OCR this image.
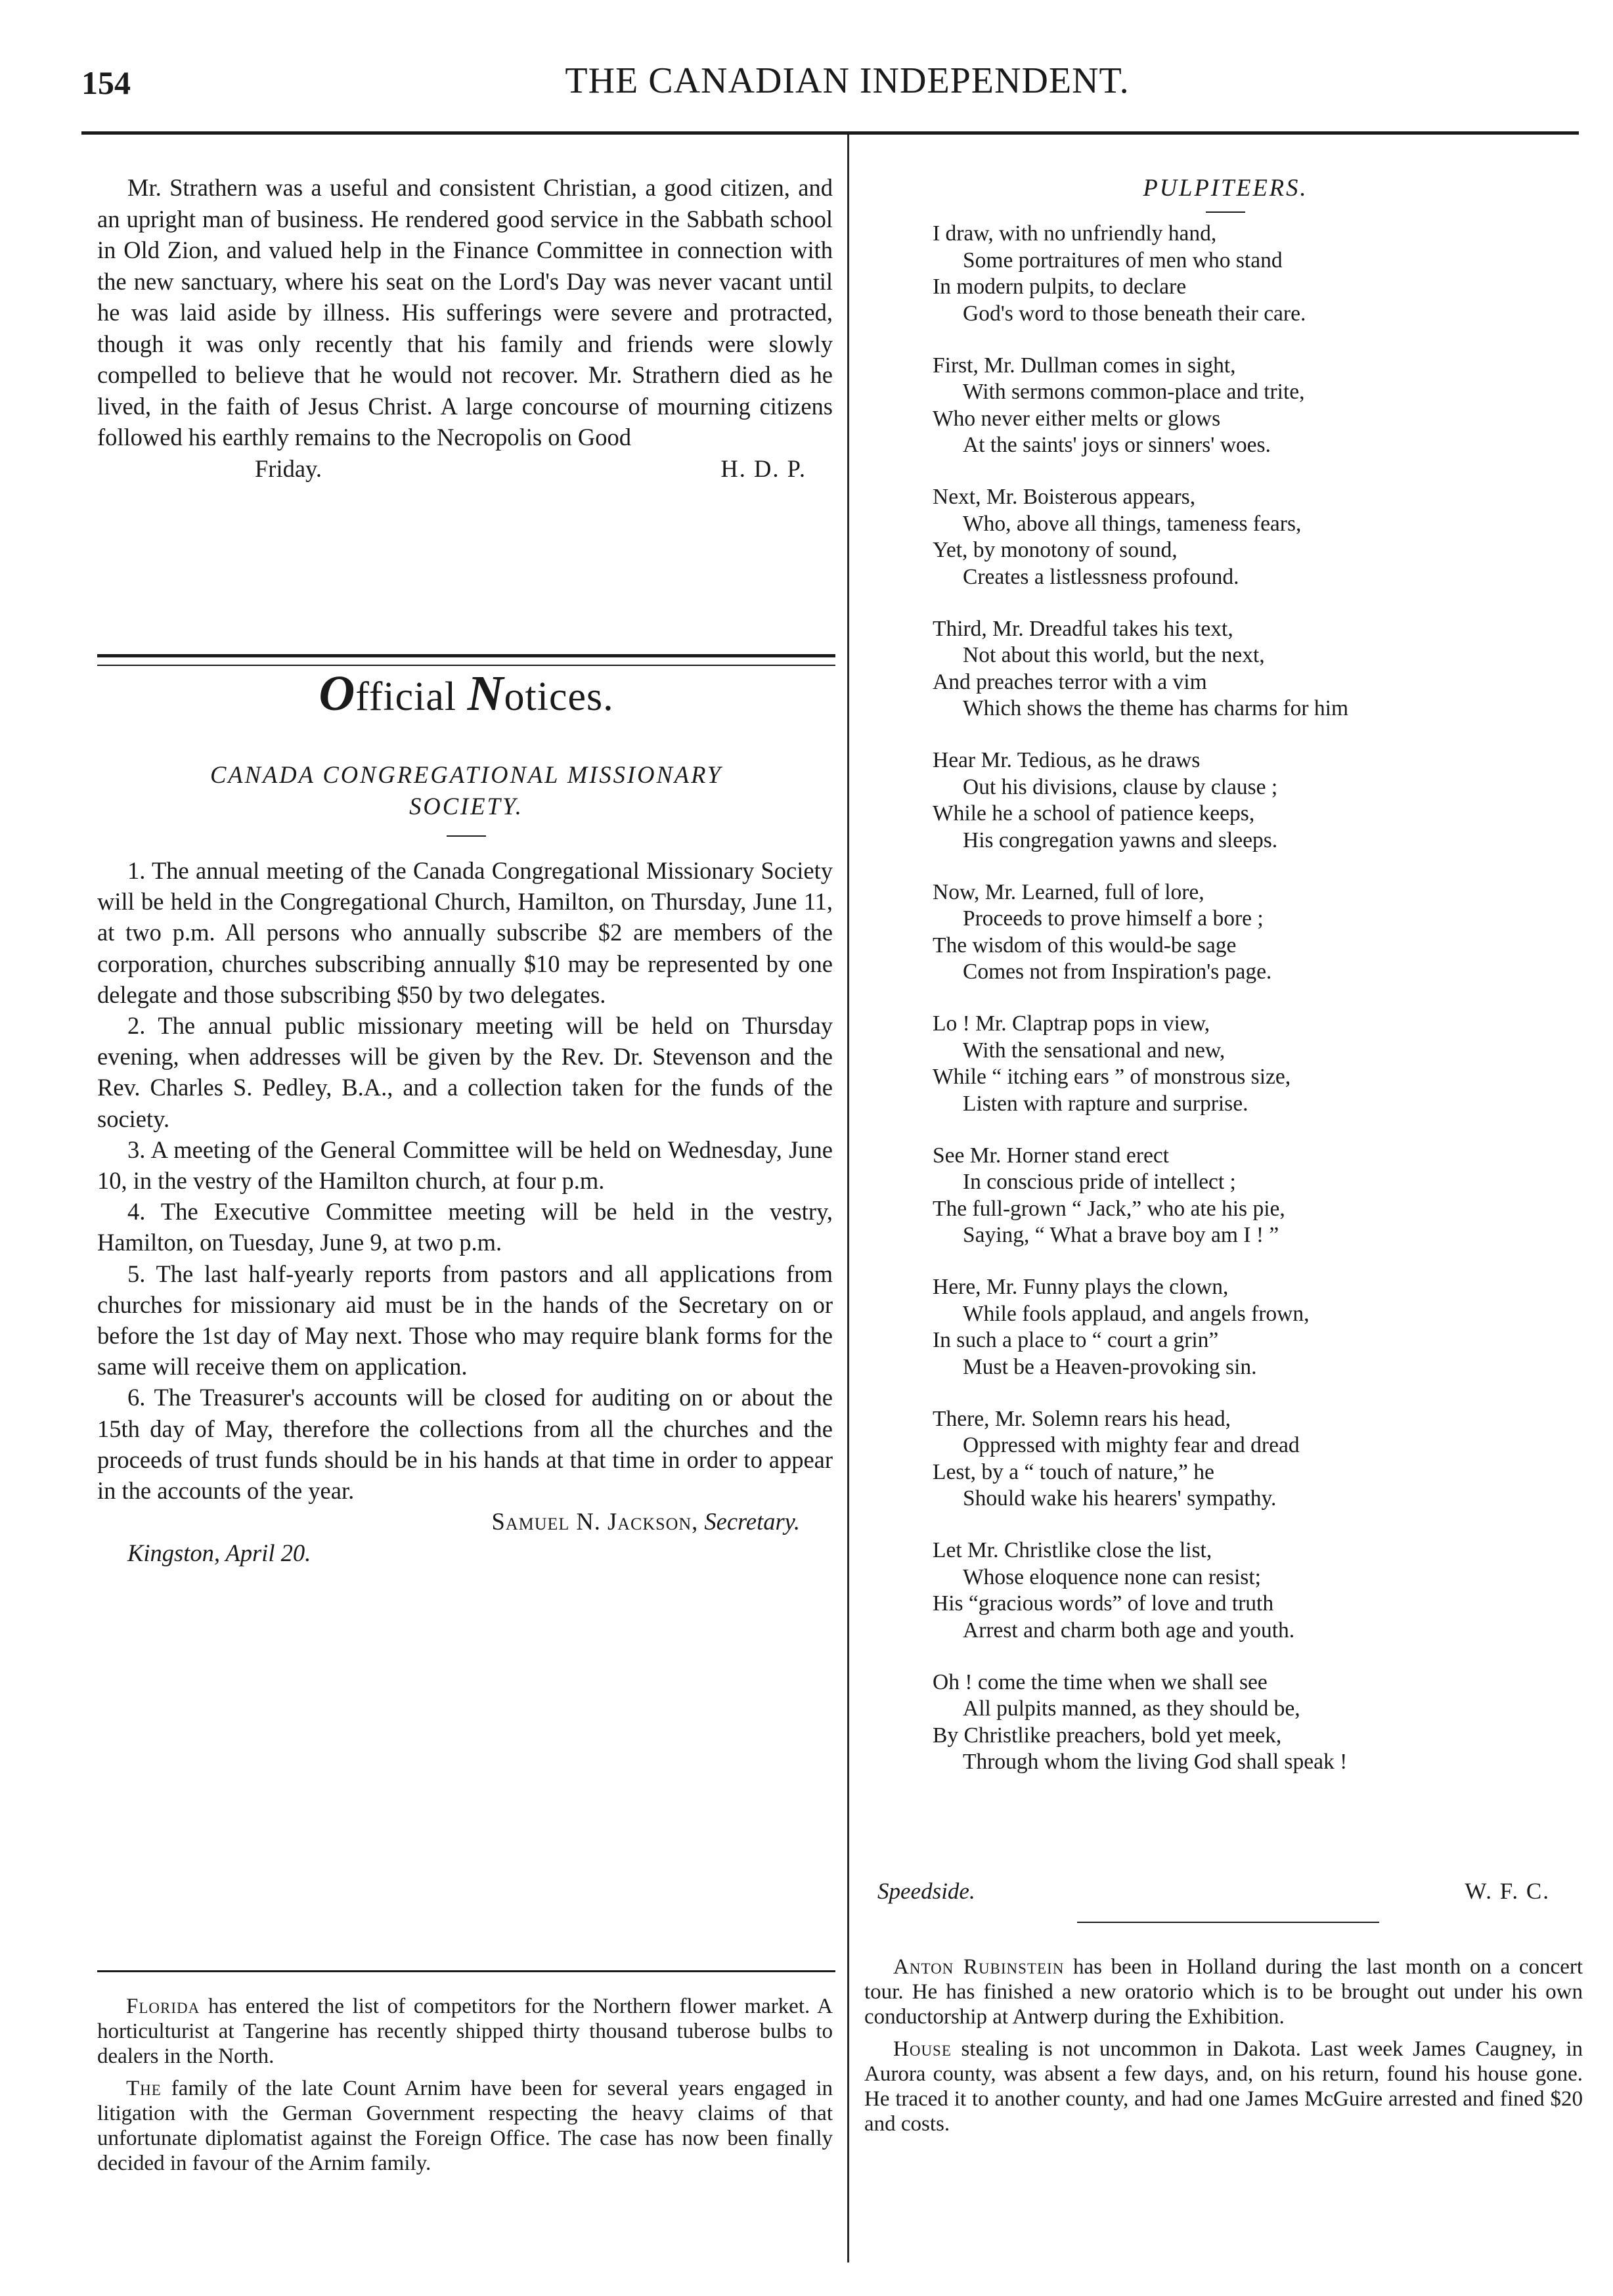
154	THE CANADIAN INDEPENDENT.

Mr. Strathern was a useful and consistent Christian, a good citizen, and an upright man of business. He rendered good service in the Sabbath school in Old Zion, and valued help in the Finance Committee in connection with the new sanctuary, where his seat on the Lord's Day was never vacant until he was laid aside by illness. His sufferings were severe and protracted, though it was only recently that his family and friends were slowly compelled to believe that he would not recover. Mr. Strathern died as he lived, in the faith of Jesus Christ. A large concourse of mourning citizens followed his earthly remains to the Necropolis on Good

Friday.	H. D. P.

Official Notices.
CANADA CONGREGATIONAL MISSIONARY
SOCIETY.

1. The annual meeting of the Canada Congregational Missionary Society will be held in the Congregational Church, Hamilton, on Thursday, June 11, at two p.m. All persons who annually subscribe $2 are members of the corporation, churches subscribing annually $10 may be represented by one delegate and those subscribing $50 by two delegates.

2. The annual public missionary meeting will be held on Thursday evening, when addresses will be given by the Rev. Dr. Stevenson and the Rev. Charles S. Pedley, B.A., and a collection taken for the funds of the society.

3. A meeting of the General Committee will be held on Wednesday, June 10, in the vestry of the Hamilton church, at four p.m.

4. The Executive Committee meeting will be held in the vestry, Hamilton, on Tuesday, June 9, at two p.m.

5. The last half-yearly reports from pastors and all applications from churches for missionary aid must be in the hands of the Secretary on or before the 1st day of May next. Those who may require blank forms for the same will receive them on application.

6. The Treasurer's accounts will be closed for auditing on or about the 15th day of May, therefore the collections from all the churches and the proceeds of trust funds should be in his hands at that time in order to appear in the accounts of the year.

Samuel N. Jackson, Secretary.

Kingston, April 20.

Florida has entered the list of competitors for the Northern flower market. A horticulturist at Tangerine has recently shipped thirty thousand tuberose bulbs to dealers in the North.

The family of the late Count Arnim have been for several years engaged in litigation with the German Government respecting the heavy claims of that unfortunate diplomatist against the Foreign Office. The case has now been finally decided in favour of the Arnim family.

PULPITEERS.

I draw, with no unfriendly hand,

Some portraitures of men who stand

In modern pulpits, to declare

God's word to those beneath their care.

First, Mr. Dullman comes in sight,

With sermons common-place and trite,

Who never either melts or glows

At the saints' joys or sinners' woes.

Next, Mr. Boisterous appears,

Who, above all things, tameness fears,

Yet, by monotony of sound,

Creates a listlessness profound.

Third, Mr. Dreadful takes his text,

Not about this world, but the next,

And preaches terror with a vim

Which shows the theme has charms for him

Hear Mr. Tedious, as he draws

Out his divisions, clause by clause ;

While he a school of patience keeps,

His congregation yawns and sleeps.

Now, Mr. Learned, full of lore,

Proceeds to prove himself a bore ;

The wisdom of this would-be sage

Comes not from Inspiration's page.

Lo ! Mr. Claptrap pops in view,

With the sensational and new,

While “ itching ears ” of monstrous size,

Listen with rapture and surprise.

See Mr. Horner stand erect

In conscious pride of intellect ;

The full-grown “ Jack,” who ate his pie,

Saying, “ What a brave boy am I ! ”

Here, Mr. Funny plays the clown,

While fools applaud, and angels frown,

In such a place to “ court a grin”

Must be a Heaven-provoking sin.

There, Mr. Solemn rears his head,

Oppressed with mighty fear and dread

Lest, by a “ touch of nature,” he

Should wake his hearers' sympathy.

Let Mr. Christlike close the list,

Whose eloquence none can resist;

His “gracious words” of love and truth

Arrest and charm both age and youth.

Oh ! come the time when we shall see

All pulpits manned, as they should be,

By Christlike preachers, bold yet meek,

Through whom the living God shall speak !

Speedside.	W. F. C.

Anton Rubinstein has been in Holland during the last month on a concert tour. He has finished a new oratorio which is to be brought out under his own conductorship at Antwerp during the Exhibition.

House stealing is not uncommon in Dakota. Last week James Caugney, in Aurora county, was absent a few days, and, on his return, found his house gone. He traced it to another county, and had one James McGuire arrested and fined $20 and costs.
